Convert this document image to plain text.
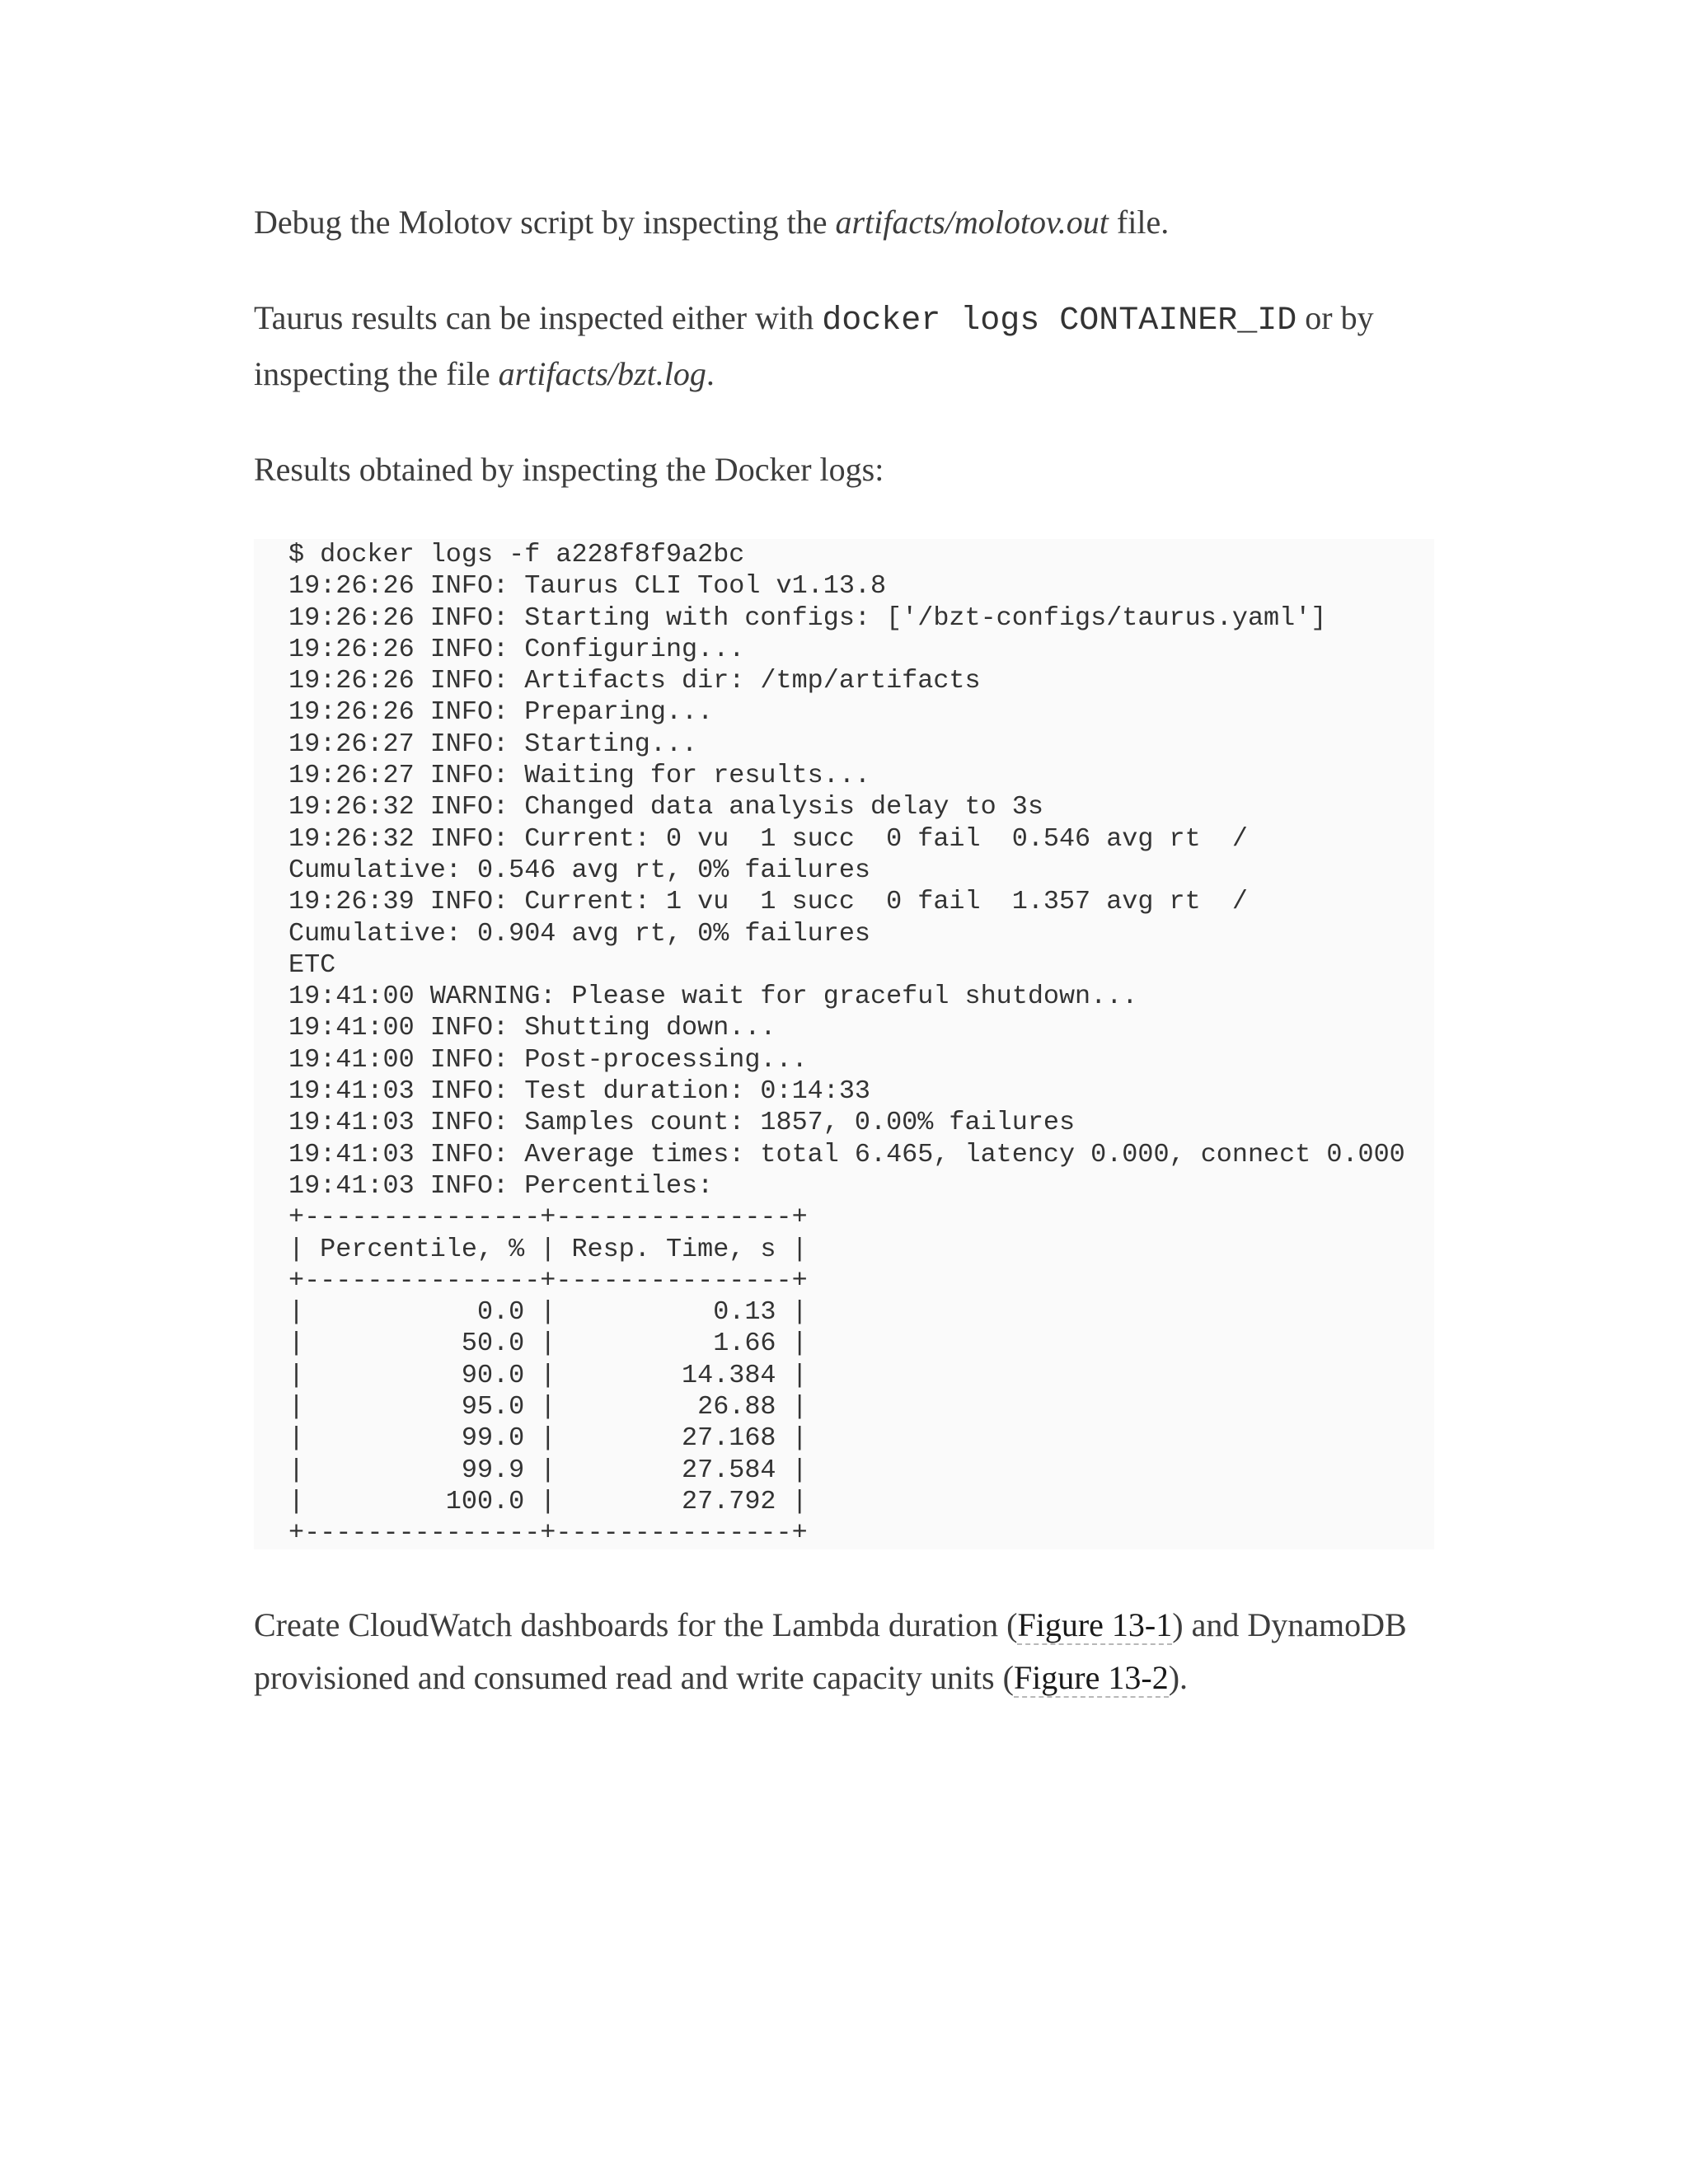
Debug the Molotov script by inspecting the artifacts/molotov.out file.

Taurus results can be inspected either with docker logs CONTAINER_ID or by inspecting the file artifacts/bzt.log.

Results obtained by inspecting the Docker logs:

$ docker logs -f a228f8f9a2bc
19:26:26 INFO: Taurus CLI Tool v1.13.8
19:26:26 INFO: Starting with configs: ['/bzt-configs/taurus.yaml']
19:26:26 INFO: Configuring...
19:26:26 INFO: Artifacts dir: /tmp/artifacts
19:26:26 INFO: Preparing...
19:26:27 INFO: Starting...
19:26:27 INFO: Waiting for results...
19:26:32 INFO: Changed data analysis delay to 3s
19:26:32 INFO: Current: 0 vu  1 succ  0 fail  0.546 avg rt  /
Cumulative: 0.546 avg rt, 0% failures
19:26:39 INFO: Current: 1 vu  1 succ  0 fail  1.357 avg rt  /
Cumulative: 0.904 avg rt, 0% failures
ETC
19:41:00 WARNING: Please wait for graceful shutdown...
19:41:00 INFO: Shutting down...
19:41:00 INFO: Post-processing...
19:41:03 INFO: Test duration: 0:14:33
19:41:03 INFO: Samples count: 1857, 0.00% failures
19:41:03 INFO: Average times: total 6.465, latency 0.000, connect 0.000
19:41:03 INFO: Percentiles:
+---------------+---------------+
| Percentile, % | Resp. Time, s |
+---------------+---------------+
|           0.0 |          0.13 |
|          50.0 |          1.66 |
|          90.0 |        14.384 |
|          95.0 |         26.88 |
|          99.0 |        27.168 |
|          99.9 |        27.584 |
|         100.0 |        27.792 |
+---------------+---------------+

Create CloudWatch dashboards for the Lambda duration (Figure 13-1) and DynamoDB provisioned and consumed read and write capacity units (Figure 13-2).
